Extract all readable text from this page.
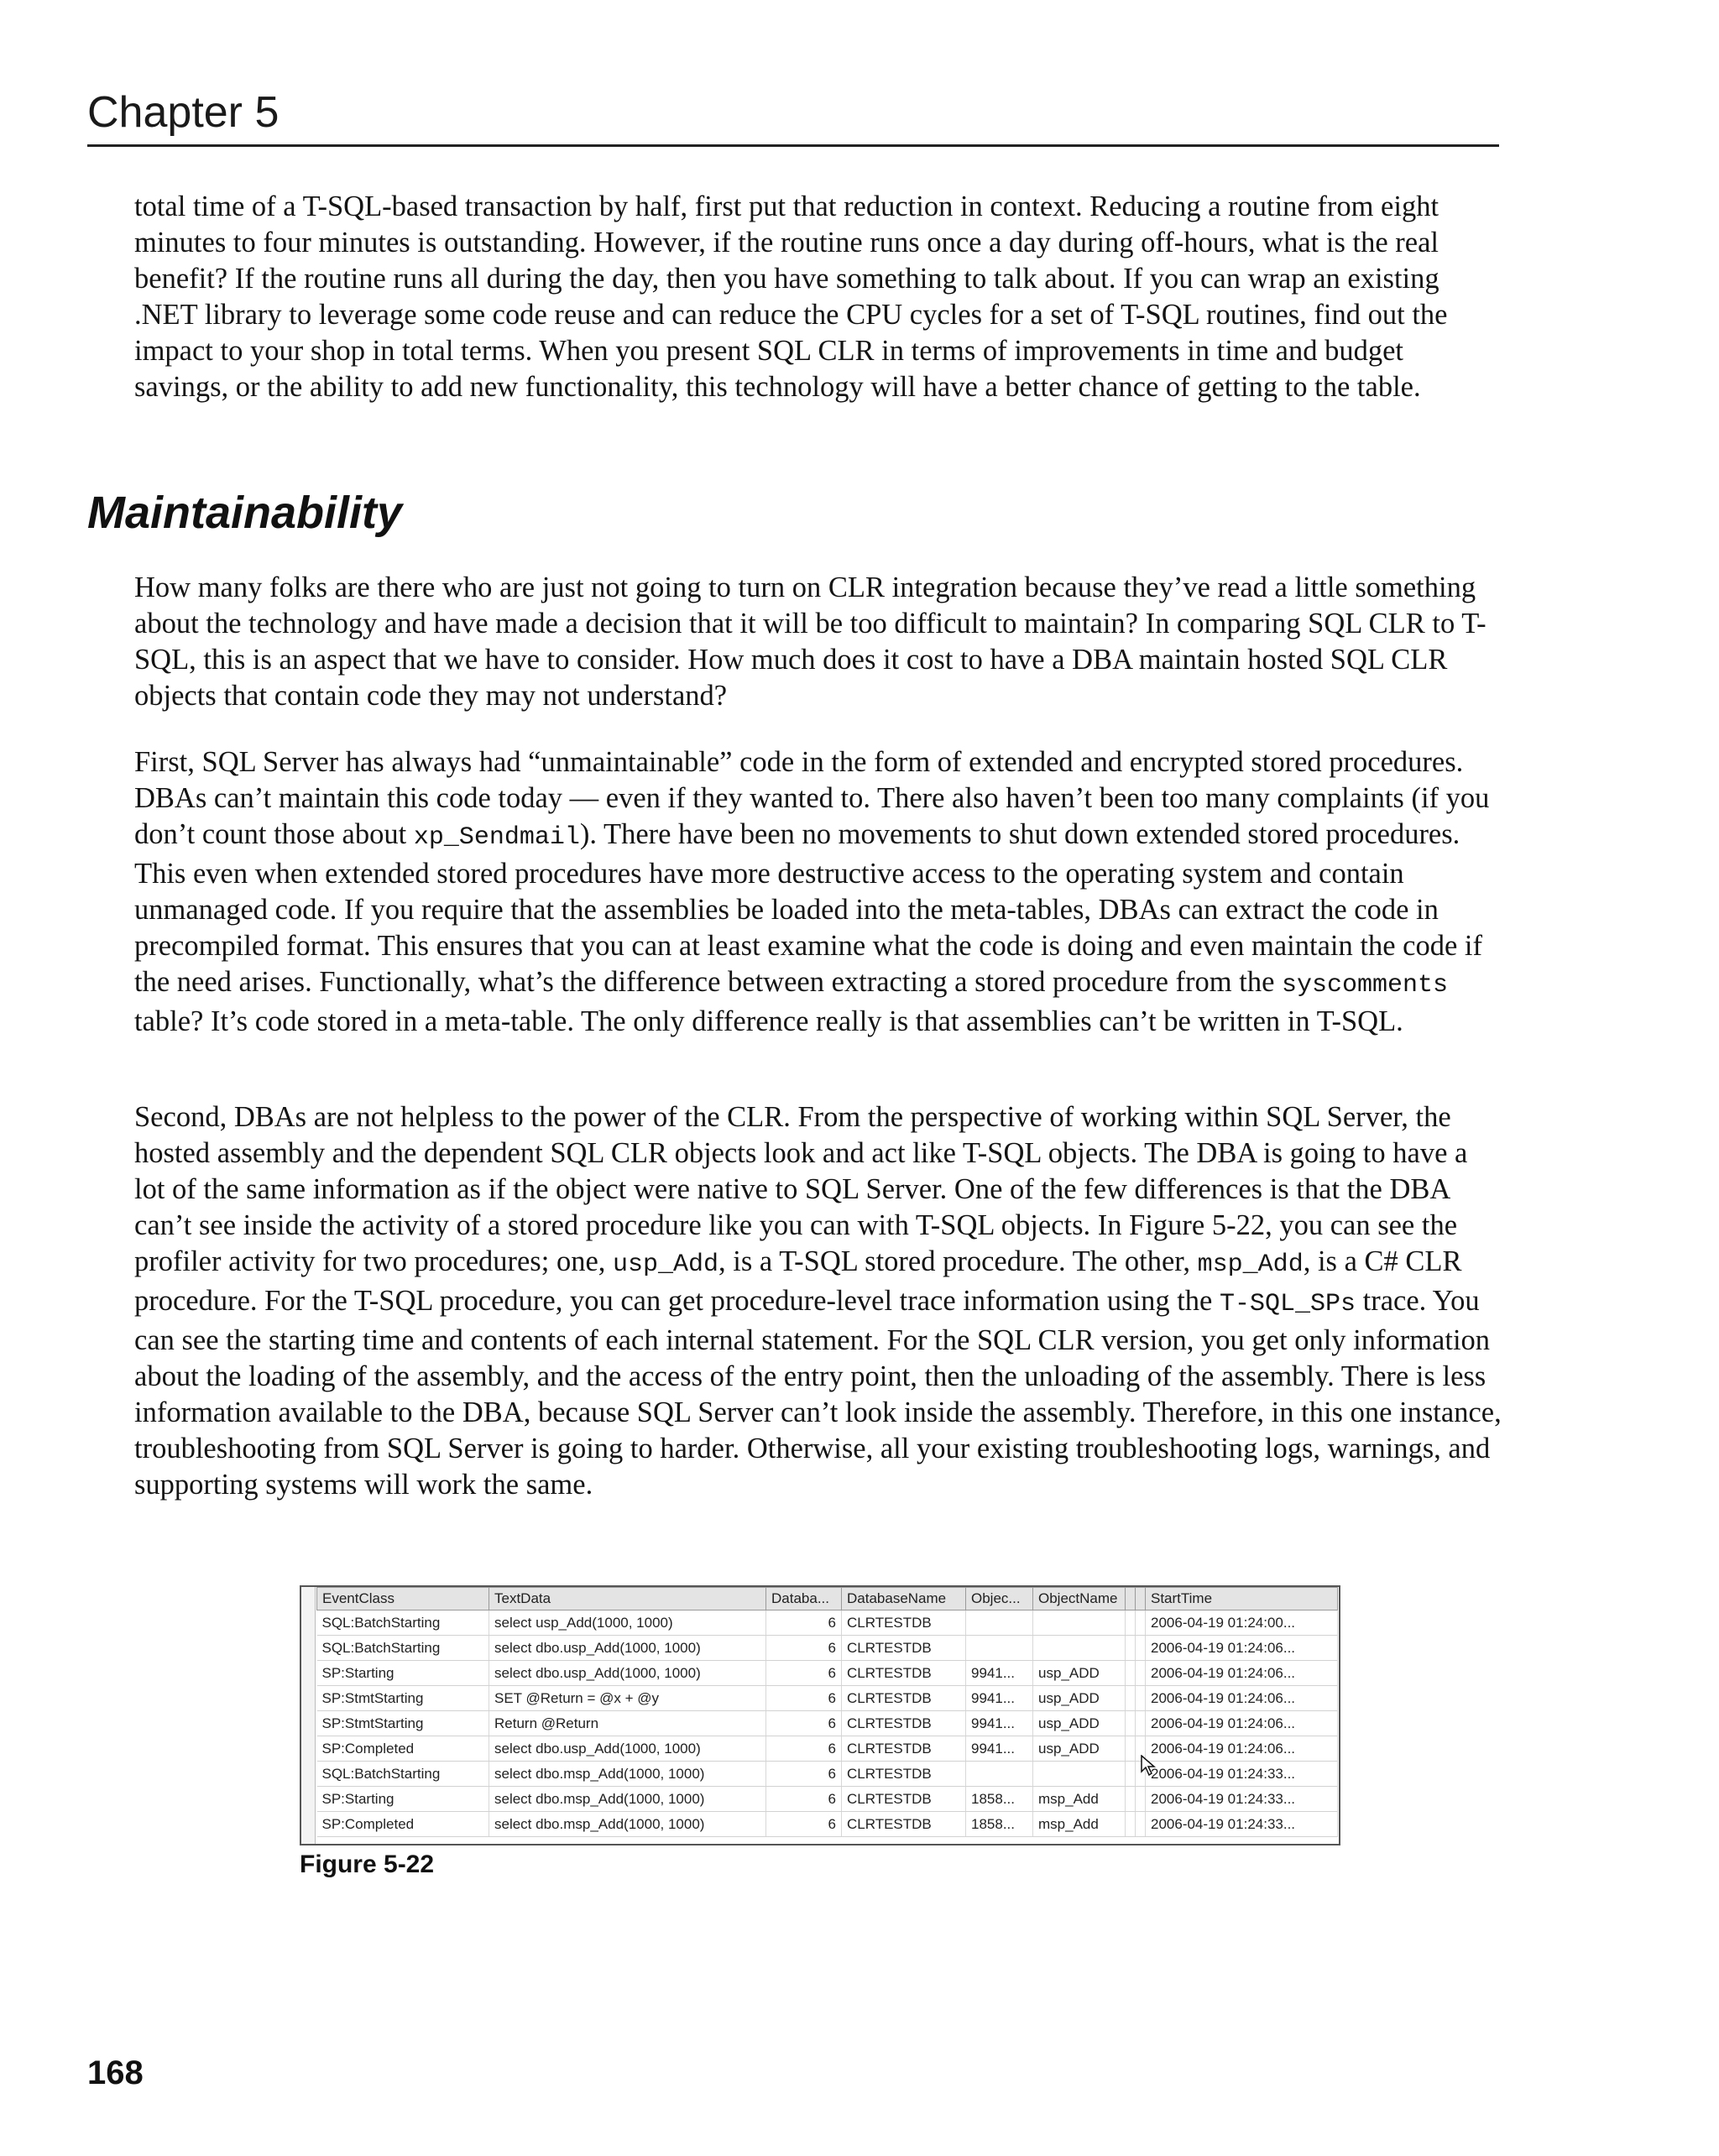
Chapter 5

total time of a T-SQL-based transaction by half, first put that reduction in context. Reducing a routine from eight minutes to four minutes is outstanding. However, if the routine runs once a day during off-hours, what is the real benefit? If the routine runs all during the day, then you have something to talk about. If you can wrap an existing .NET library to leverage some code reuse and can reduce the CPU cycles for a set of T-SQL routines, find out the impact to your shop in total terms. When you present SQL CLR in terms of improvements in time and budget savings, or the ability to add new functionality, this technology will have a better chance of getting to the table.

Maintainability

How many folks are there who are just not going to turn on CLR integration because they’ve read a little something about the technology and have made a decision that it will be too difficult to maintain? In comparing SQL CLR to T-SQL, this is an aspect that we have to consider. How much does it cost to have a DBA maintain hosted SQL CLR objects that contain code they may not understand?

First, SQL Server has always had “unmaintainable” code in the form of extended and encrypted stored procedures. DBAs can’t maintain this code today — even if they wanted to. There also haven’t been too many complaints (if you don’t count those about xp_Sendmail). There have been no movements to shut down extended stored procedures. This even when extended stored procedures have more destructive access to the operating system and contain unmanaged code. If you require that the assemblies be loaded into the meta-tables, DBAs can extract the code in precompiled format. This ensures that you can at least examine what the code is doing and even maintain the code if the need arises. Functionally, what’s the difference between extracting a stored procedure from the syscomments table? It’s code stored in a meta-table. The only difference really is that assemblies can’t be written in T-SQL.

Second, DBAs are not helpless to the power of the CLR. From the perspective of working within SQL Server, the hosted assembly and the dependent SQL CLR objects look and act like T-SQL objects. The DBA is going to have a lot of the same information as if the object were native to SQL Server. One of the few differences is that the DBA can’t see inside the activity of a stored procedure like you can with T-SQL objects. In Figure 5-22, you can see the profiler activity for two procedures; one, usp_Add, is a T-SQL stored procedure. The other, msp_Add, is a C# CLR procedure. For the T-SQL procedure, you can get procedure-level trace information using the T-SQL_SPs trace. You can see the starting time and contents of each internal statement. For the SQL CLR version, you get only information about the loading of the assembly, and the access of the entry point, then the unloading of the assembly. There is less information available to the DBA, because SQL Server can’t look inside the assembly. Therefore, in this one instance, troubleshooting from SQL Server is going to harder. Otherwise, all your existing troubleshooting logs, warnings, and supporting systems will work the same.

EventClass	TextData	Databa...	DatabaseName	Objec...	ObjectName			StartTime
SQL:BatchStarting	select usp_Add(1000, 1000)	6	CLRTESTDB					2006-04-19 01:24:00...
SQL:BatchStarting	select dbo.usp_Add(1000, 1000)	6	CLRTESTDB					2006-04-19 01:24:06...
SP:Starting	select dbo.usp_Add(1000, 1000)	6	CLRTESTDB	9941...	usp_ADD			2006-04-19 01:24:06...
SP:StmtStarting	SET @Return = @x + @y	6	CLRTESTDB	9941...	usp_ADD			2006-04-19 01:24:06...
SP:StmtStarting	Return @Return	6	CLRTESTDB	9941...	usp_ADD			2006-04-19 01:24:06...
SP:Completed	select dbo.usp_Add(1000, 1000)	6	CLRTESTDB	9941...	usp_ADD			2006-04-19 01:24:06...
SQL:BatchStarting	select dbo.msp_Add(1000, 1000)	6	CLRTESTDB					2006-04-19 01:24:33...
SP:Starting	select dbo.msp_Add(1000, 1000)	6	CLRTESTDB	1858...	msp_Add			2006-04-19 01:24:33...
SP:Completed	select dbo.msp_Add(1000, 1000)	6	CLRTESTDB	1858...	msp_Add			2006-04-19 01:24:33...
Figure 5-22
168
